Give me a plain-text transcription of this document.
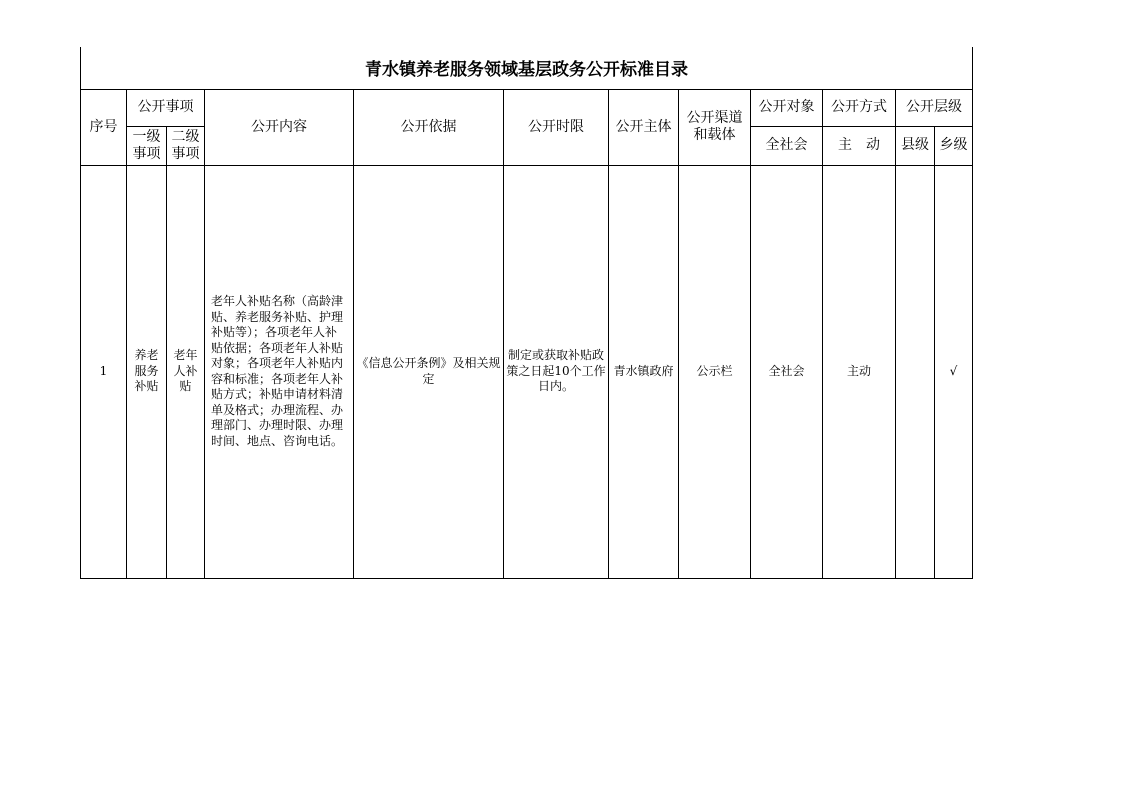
青水镇养老服务领域基层政务公开标准目录											
序号	公开事项		公开内容	公开依据	公开时限	公开主体	公开渠道和载体	公开对象	公开方式	公开层级	
	一级事项	二级事项						全社会	主　动	县级	乡级
1	养老服务补贴	老年人补贴	老年人补贴名称（高龄津贴、养老服务补贴、护理补贴等）；各项老年人补贴依据；各项老年人补贴对象；各项老年人补贴内容和标准；各项老年人补贴方式；补贴申请材料清单及格式；办理流程、办理部门、办理时限、办理时间、地点、咨询电话。	《信息公开条例》及相关规定	制定或获取补贴政策之日起10个工作日内。	青水镇政府	公示栏	全社会	主动		√
